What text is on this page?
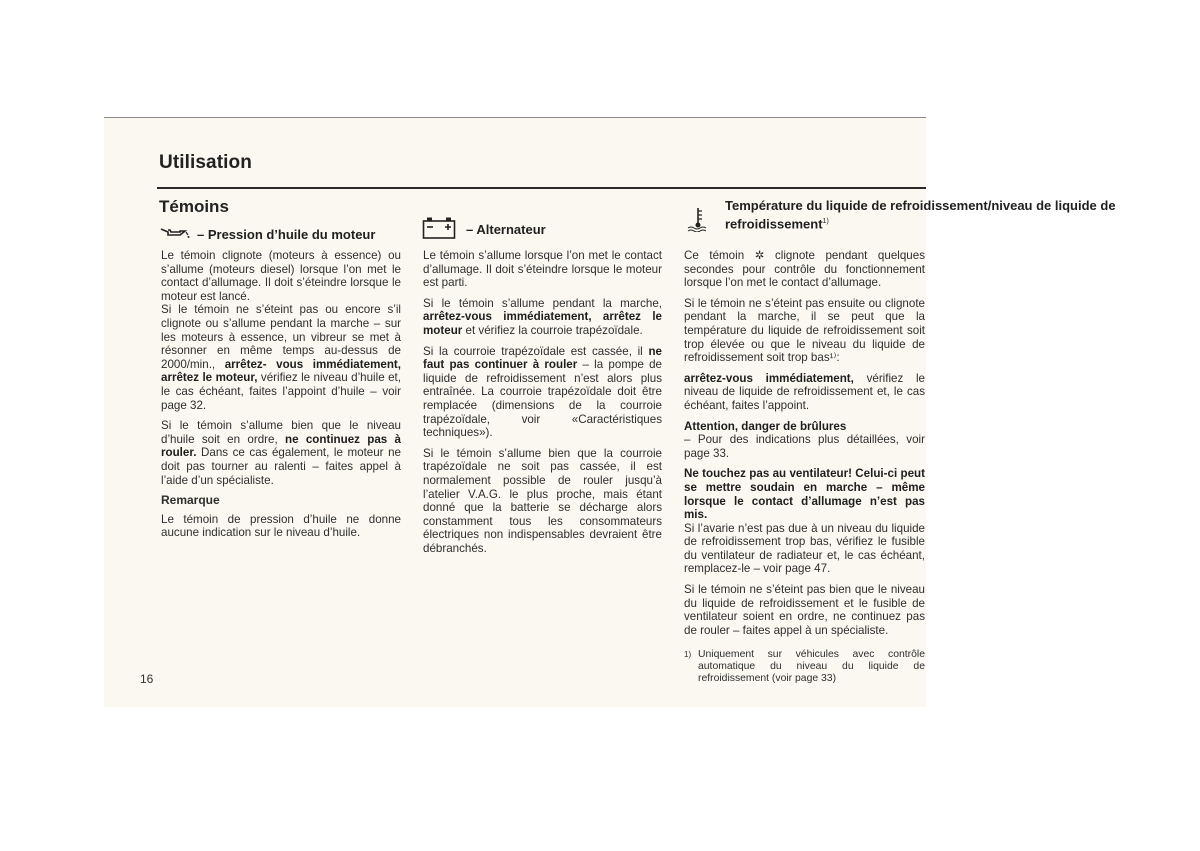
Utilisation
Témoins
– Pression d’huile du moteur

Le témoin clignote (moteurs à essence) ou s’allume (moteurs diesel) lorsque l’on met le contact d’allumage. Il doit s’éteindre lorsque le moteur est lancé.

Si le témoin ne s’éteint pas ou encore s’il clignote ou s’allume pendant la marche – sur les moteurs à essence, un vibreur se met à résonner en même temps au-dessus de 2000/min., arrêtez- vous immédiatement, arrêtez le moteur, vérifiez le niveau d’huile et, le cas échéant, faites l’appoint d’huile – voir page 32.

Si le témoin s’allume bien que le niveau d’huile soit en ordre, ne continuez pas à rouler. Dans ce cas également, le moteur ne doit pas tourner au ralenti – faites appel à l’aide d’un spécialiste.

Remarque

Le témoin de pression d’huile ne donne aucune indication sur le niveau d’huile.

– Alternateur

Le témoin s’allume lorsque l’on met le contact d’allumage. Il doit s’éteindre lorsque le moteur est parti.

Si le témoin s’allume pendant la marche, arrêtez-vous immédiatement, arrêtez le moteur et vérifiez la courroie trapézoïdale.

Si la courroie trapézoïdale est cassée, il ne faut pas continuer à rouler – la pompe de liquide de refroidissement n’est alors plus entraînée. La courroie trapézoïdale doit être remplacée (dimensions de la courroie trapézoïdale, voir «Caractéristiques techniques»).

Si le témoin s’allume bien que la courroie trapézoïdale ne soit pas cassée, il est normalement possible de rouler jusqu’à l’atelier V.A.G. le plus proche, mais étant donné que la batterie se décharge alors constamment tous les consommateurs électriques non indispensables devraient être débranchés.

Température du liquide de refroidissement/niveau de liquide de refroidissement$^{1)}$

Ce témoin ✲ clignote pendant quelques secondes pour contrôle du fonctionnement lorsque l’on met le contact d’allumage.

Si le témoin ne s’éteint pas ensuite ou clignote pendant la marche, il se peut que la température du liquide de refroidissement soit trop élevée ou que le niveau du liquide de refroidissement soit trop bas¹⁾:

arrêtez-vous immédiatement, vérifiez le niveau de liquide de refroidissement et, le cas échéant, faites l’appoint.

Attention, danger de brûlures

– Pour des indications plus détaillées, voir page 33.

Ne touchez pas au ventilateur! Celui-ci peut se mettre soudain en marche – même lorsque le contact d’allumage n’est pas mis.

Si l’avarie n’est pas due à un niveau du liquide de refroidissement trop bas, vérifiez le fusible du ventilateur de radiateur et, le cas échéant, remplacez-le – voir page 47.

Si le témoin ne s’éteint pas bien que le niveau du liquide de refroidissement et le fusible de ventilateur soient en ordre, ne continuez pas de rouler – faites appel à un spécialiste.

1) Uniquement sur véhicules avec contrôle automatique du niveau du liquide de refroidissement (voir page 33)
16
